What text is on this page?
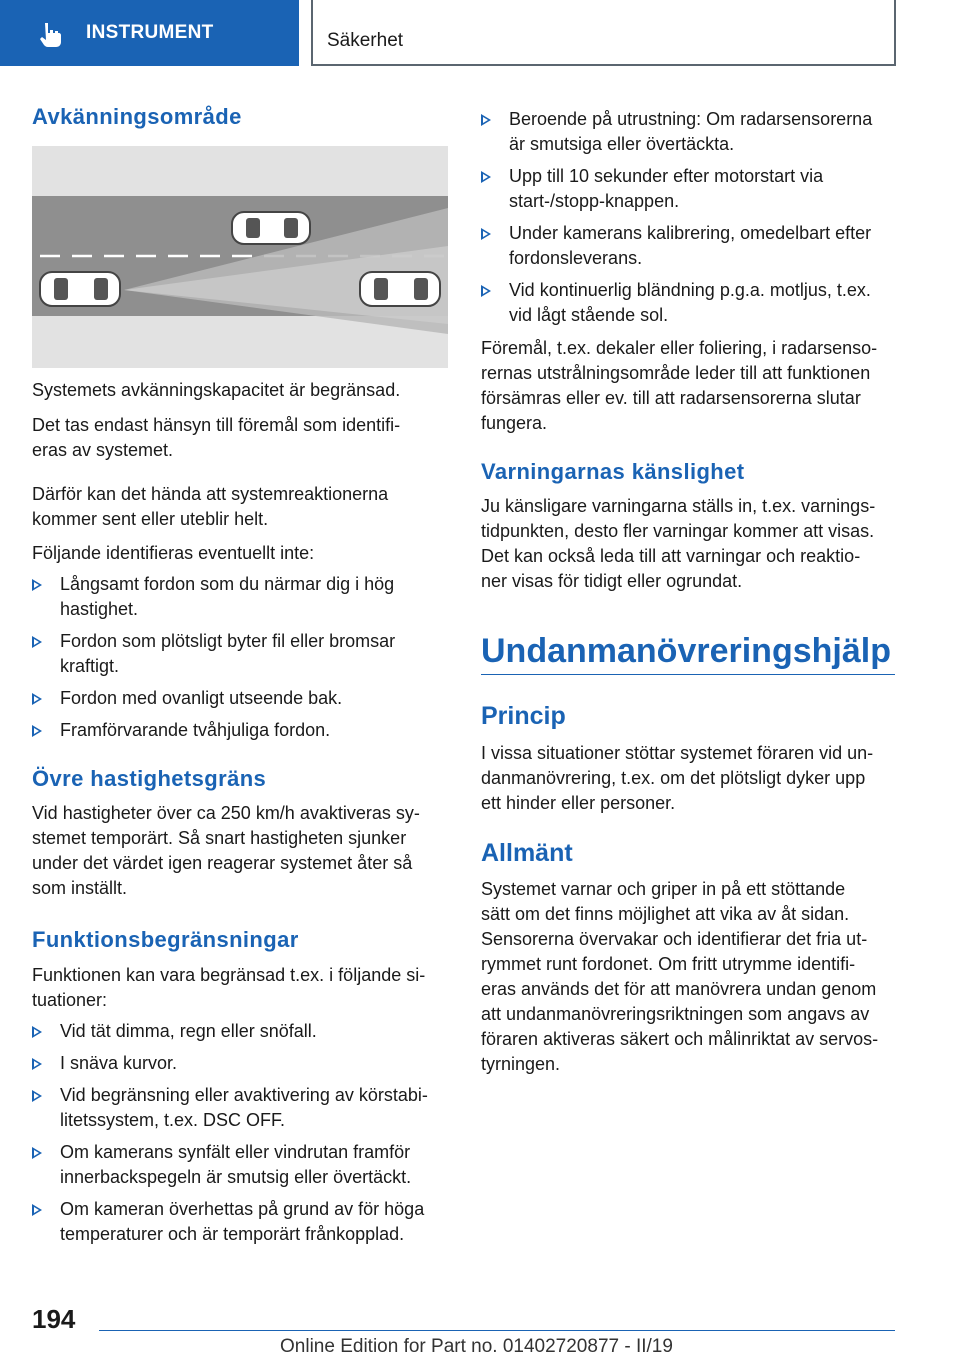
INSTRUMENT	Säkerhet
Avkänningsområde

Systemets avkänningskapacitet är begränsad.

Det tas endast hänsyn till föremål som identifi-

eras av systemet.

Därför kan det hända att systemreaktionerna

kommer sent eller uteblir helt.

Följande identifieras eventuellt inte:

Långsamt fordon som du närmar dig i hög
hastighet.
Fordon som plötsligt byter fil eller bromsar
kraftigt.
Fordon med ovanligt utseende bak.
Framförvarande tvåhjuliga fordon.
Övre hastighetsgräns

Vid hastigheter över ca 250 km/h avaktiveras sy-

stemet temporärt. Så snart hastigheten sjunker

under det värdet igen reagerar systemet åter så

som inställt.

Funktionsbegränsningar

Funktionen kan vara begränsad t.ex. i följande si-

tuationer:

Vid tät dimma, regn eller snöfall.
I snäva kurvor.
Vid begränsning eller avaktivering av körstabi-
litetssystem, t.ex. DSC OFF.
Om kamerans synfält eller vindrutan framför
innerbackspegeln är smutsig eller övertäckt.
Om kameran överhettas på grund av för höga
temperaturer och är temporärt frånkopplad.
Beroende på utrustning: Om radarsensorerna
är smutsiga eller övertäckta.
Upp till 10 sekunder efter motorstart via
start-/stopp-knappen.
Under kamerans kalibrering, omedelbart efter
fordonsleverans.
Vid kontinuerlig bländning p.g.a. motljus, t.ex.
vid lågt stående sol.

Föremål, t.ex. dekaler eller foliering, i radarsenso-

rernas utstrålningsområde leder till att funktionen

försämras eller ev. till att radarsensorerna slutar

fungera.

Varningarnas känslighet

Ju känsligare varningarna ställs in, t.ex. varnings-

tidpunkten, desto fler varningar kommer att visas.

Det kan också leda till att varningar och reaktio-

ner visas för tidigt eller ogrundat.

Undanmanövreringshjälp
Princip

I vissa situationer stöttar systemet föraren vid un-

danmanövrering, t.ex. om det plötsligt dyker upp

ett hinder eller personer.

Allmänt

Systemet varnar och griper in på ett stöttande

sätt om det finns möjlighet att vika av åt sidan.

Sensorerna övervakar och identifierar det fria ut-

rymmet runt fordonet. Om fritt utrymme identifi-

eras används det för att manövrera undan genom

att undanmanövreringsriktningen som angavs av

föraren aktiveras säkert och målinriktat av servos-

tyrningen.

194
Online Edition for Part no. 01402720877 - II/19
